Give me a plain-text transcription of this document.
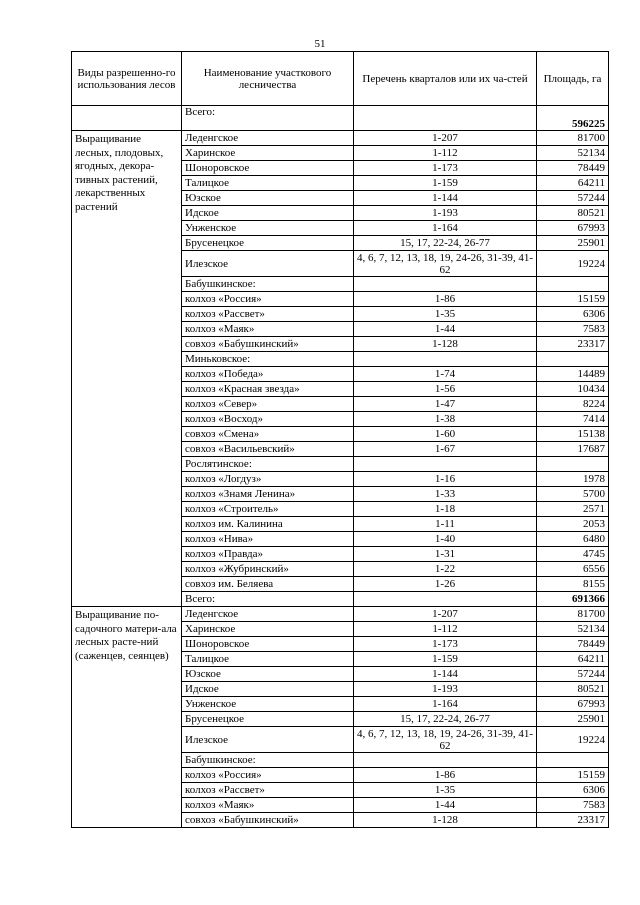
51
Виды разрешенно-го использования лесов	Наименование участкового лесничества	Перечень кварталов или их ча-стей	Площадь, га
	Всего:		596225
Выращивание лесных, плодовых, ягодных, декора-тивных растений, лекарственных растений	Леденгское	1-207	81700
	Харинское	1-112	52134
	Шоноровское	1-173	78449
	Талицкое	1-159	64211
	Юзское	1-144	57244
	Идское	1-193	80521
	Унженское	1-164	67993
	Брусенецкое	15, 17, 22-24, 26-77	25901
	Илезское	4, 6, 7, 12, 13, 18, 19, 24-26, 31-39, 41-62	19224
	Бабушкинское:		
	колхоз «Россия»	1-86	15159
	колхоз «Рассвет»	1-35	6306
	колхоз «Маяк»	1-44	7583
	совхоз «Бабушкинский»	1-128	23317
	Миньковское:		
	колхоз «Победа»	1-74	14489
	колхоз «Красная звезда»	1-56	10434
	колхоз «Север»	1-47	8224
	колхоз «Восход»	1-38	7414
	совхоз «Смена»	1-60	15138
	совхоз «Васильевский»	1-67	17687
	Рослятинское:		
	колхоз «Логдуз»	1-16	1978
	колхоз «Знамя Ленина»	1-33	5700
	колхоз «Строитель»	1-18	2571
	колхоз им. Калинина	1-11	2053
	колхоз «Нива»	1-40	6480
	колхоз «Правда»	1-31	4745
	колхоз «Жубринский»	1-22	6556
	совхоз им. Беляева	1-26	8155
	Всего:		691366
Выращивание по-садочного матери-ала лесных расте-ний (саженцев, сеянцев)	Леденгское	1-207	81700
	Харинское	1-112	52134
	Шоноровское	1-173	78449
	Талицкое	1-159	64211
	Юзское	1-144	57244
	Идское	1-193	80521
	Унженское	1-164	67993
	Брусенецкое	15, 17, 22-24, 26-77	25901
	Илезское	4, 6, 7, 12, 13, 18, 19, 24-26, 31-39, 41-62	19224
	Бабушкинское:		
	колхоз «Россия»	1-86	15159
	колхоз «Рассвет»	1-35	6306
	колхоз «Маяк»	1-44	7583
	совхоз «Бабушкинский»	1-128	23317
